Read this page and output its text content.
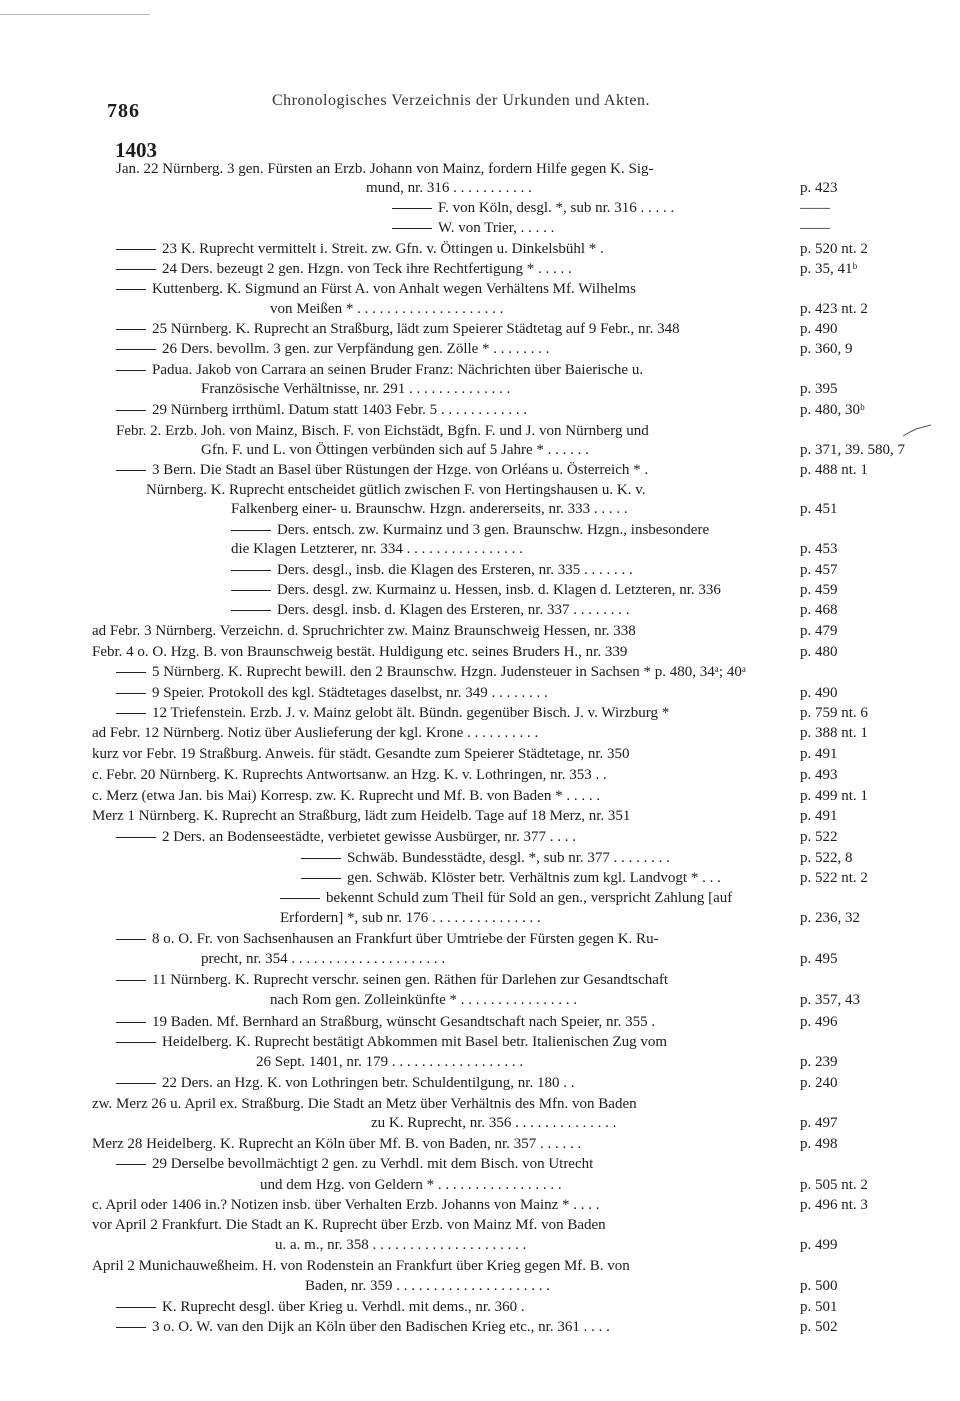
786	Chronologisches Verzeichnis der Urkunden und Akten.
1403
Jan. 22 Nürnberg. 3 gen. Fürsten an Erzb. Johann von Mainz, fordern Hilfe gegen K. Sig-
mund, nr. 316 . . . . . . . . . . .	p. 423
F. von Köln, desgl. *, sub nr. 316 . . . . .	——
W. von Trier, . . . . .	——
23 K. Ruprecht vermittelt i. Streit. zw. Gfn. v. Öttingen u. Dinkelsbühl * .	p. 520 nt. 2
24 Ders. bezeugt 2 gen. Hzgn. von Teck ihre Rechtfertigung * . . . . .	p. 35, 41ᵇ
Kuttenberg. K. Sigmund an Fürst A. von Anhalt wegen Verhältens Mf. Wilhelms
von Meißen * . . . . . . . . . . . . . . . . . . . .	p. 423 nt. 2
25 Nürnberg. K. Ruprecht an Straßburg, lädt zum Speierer Städtetag auf 9 Febr., nr. 348	p. 490
26 Ders. bevollm. 3 gen. zur Verpfändung gen. Zölle * . . . . . . . .	p. 360, 9
Padua. Jakob von Carrara an seinen Bruder Franz: Nächrichten über Baierische u.
Französische Verhältnisse, nr. 291 . . . . . . . . . . . . . .	p. 395
29 Nürnberg irrthüml. Datum statt 1403 Febr. 5 . . . . . . . . . . . .	p. 480, 30ᵇ
Febr. 2. Erzb. Joh. von Mainz, Bisch. F. von Eichstädt, Bgfn. F. und J. von Nürnberg und
Gfn. F. und L. von Öttingen verbünden sich auf 5 Jahre * . . . . . .	p. 371, 39. 580, 7
3 Bern. Die Stadt an Basel über Rüstungen der Hzge. von Orléans u. Österreich * .	p. 488 nt. 1
Nürnberg. K. Ruprecht entscheidet gütlich zwischen F. von Hertingshausen u. K. v.
Falkenberg einer- u. Braunschw. Hzgn. andererseits, nr. 333 . . . . .	p. 451
Ders. entsch. zw. Kurmainz und 3 gen. Braunschw. Hzgn., insbesondere
die Klagen Letzterer, nr. 334 . . . . . . . . . . . . . . . .	p. 453
Ders. desgl., insb. die Klagen des Ersteren, nr. 335 . . . . . . .	p. 457
Ders. desgl. zw. Kurmainz u. Hessen, insb. d. Klagen d. Letzteren, nr. 336	p. 459
Ders. desgl. insb. d. Klagen des Ersteren, nr. 337 . . . . . . . .	p. 468
ad Febr. 3 Nürnberg. Verzeichn. d. Spruchrichter zw. Mainz Braunschweig Hessen, nr. 338	p. 479
Febr. 4 o. O. Hzg. B. von Braunschweig bestät. Huldigung etc. seines Bruders H., nr. 339	p. 480
5 Nürnberg. K. Ruprecht bewill. den 2 Braunschw. Hzgn. Judensteuer in Sachsen * p. 480, 34ᵃ; 40ᵃ
9 Speier. Protokoll des kgl. Städtetages daselbst, nr. 349 . . . . . . . .	p. 490
12 Triefenstein. Erzb. J. v. Mainz gelobt ält. Bündn. gegenüber Bisch. J. v. Wirzburg *	p. 759 nt. 6
ad Febr. 12 Nürnberg. Notiz über Auslieferung der kgl. Krone . . . . . . . . . .	p. 388 nt. 1
kurz vor Febr. 19 Straßburg. Anweis. für städt. Gesandte zum Speierer Städtetage, nr. 350	p. 491
c. Febr. 20 Nürnberg. K. Ruprechts Antwortsanw. an Hzg. K. v. Lothringen, nr. 353 . .	p. 493
c. Merz (etwa Jan. bis Mai) Korresp. zw. K. Ruprecht und Mf. B. von Baden * . . . . .	p. 499 nt. 1
Merz 1 Nürnberg. K. Ruprecht an Straßburg, lädt zum Heidelb. Tage auf 18 Merz, nr. 351	p. 491
2 Ders. an Bodenseestädte, verbietet gewisse Ausbürger, nr. 377 . . . .	p. 522
Schwäb. Bundesstädte, desgl. *, sub nr. 377 . . . . . . . .	p. 522, 8
gen. Schwäb. Klöster betr. Verhältnis zum kgl. Landvogt * . . .	p. 522 nt. 2
bekennt Schuld zum Theil für Sold an gen., verspricht Zahlung [auf
Erfordern] *, sub nr. 176 . . . . . . . . . . . . . . .	p. 236, 32
8 o. O. Fr. von Sachsenhausen an Frankfurt über Umtriebe der Fürsten gegen K. Ru-
precht, nr. 354 . . . . . . . . . . . . . . . . . . . . .	p. 495
11 Nürnberg. K. Ruprecht verschr. seinen gen. Räthen für Darlehen zur Gesandtschaft
nach Rom gen. Zolleinkünfte * . . . . . . . . . . . . . . . .	p. 357, 43
19 Baden. Mf. Bernhard an Straßburg, wünscht Gesandtschaft nach Speier, nr. 355 .	p. 496
Heidelberg. K. Ruprecht bestätigt Abkommen mit Basel betr. Italienischen Zug vom
26 Sept. 1401, nr. 179 . . . . . . . . . . . . . . . . . .	p. 239
22 Ders. an Hzg. K. von Lothringen betr. Schuldentilgung, nr. 180 . .	p. 240
zw. Merz 26 u. April ex. Straßburg. Die Stadt an Metz über Verhältnis des Mfn. von Baden
zu K. Ruprecht, nr. 356 . . . . . . . . . . . . . .	p. 497
Merz 28 Heidelberg. K. Ruprecht an Köln über Mf. B. von Baden, nr. 357 . . . . . .	p. 498
29 Derselbe bevollmächtigt 2 gen. zu Verhdl. mit dem Bisch. von Utrecht
und dem Hzg. von Geldern * . . . . . . . . . . . . . . . . .	p. 505 nt. 2
c. April oder 1406 in.? Notizen insb. über Verhalten Erzb. Johanns von Mainz * . . . .	p. 496 nt. 3
vor April 2 Frankfurt. Die Stadt an K. Ruprecht über Erzb. von Mainz Mf. von Baden
u. a. m., nr. 358 . . . . . . . . . . . . . . . . . . . . .	p. 499
April 2 Munichauweßheim. H. von Rodenstein an Frankfurt über Krieg gegen Mf. B. von
Baden, nr. 359 . . . . . . . . . . . . . . . . . . . . .	p. 500
K. Ruprecht desgl. über Krieg u. Verhdl. mit dems., nr. 360 .	p. 501
3 o. O. W. van den Dijk an Köln über den Badischen Krieg etc., nr. 361 . . . .	p. 502
